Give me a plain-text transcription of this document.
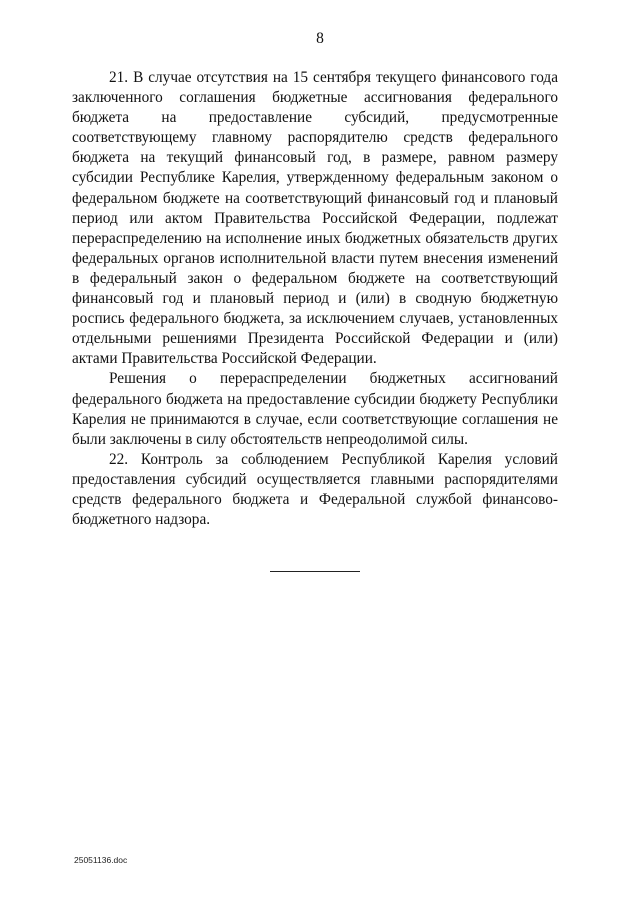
8

21. В случае отсутствия на 15 сентября текущего финансового года заключенного соглашения бюджетные ассигнования федерального бюджета на предоставление субсидий, предусмотренные соответствующему главному распорядителю средств федерального бюджета на текущий финансовый год, в размере, равном размеру субсидии Республике Карелия, утвержденному федеральным законом о федеральном бюджете на соответствующий финансовый год и плановый период или актом Правительства Российской Федерации, подлежат перераспределению на исполнение иных бюджетных обязательств других федеральных органов исполнительной власти путем внесения изменений в федеральный закон о федеральном бюджете на соответствующий финансовый год и плановый период и (или) в сводную бюджетную роспись федерального бюджета, за исключением случаев, установленных отдельными решениями Президента Российской Федерации и (или) актами Правительства Российской Федерации.

Решения о перераспределении бюджетных ассигнований федерального бюджета на предоставление субсидии бюджету Республики Карелия не принимаются в случае, если соответствующие соглашения не были заключены в силу обстоятельств непреодолимой силы.

22. Контроль за соблюдением Республикой Карелия условий предоставления субсидий осуществляется главными распорядителями средств федерального бюджета и Федеральной службой финансово-бюджетного надзора.

25051136.doc
